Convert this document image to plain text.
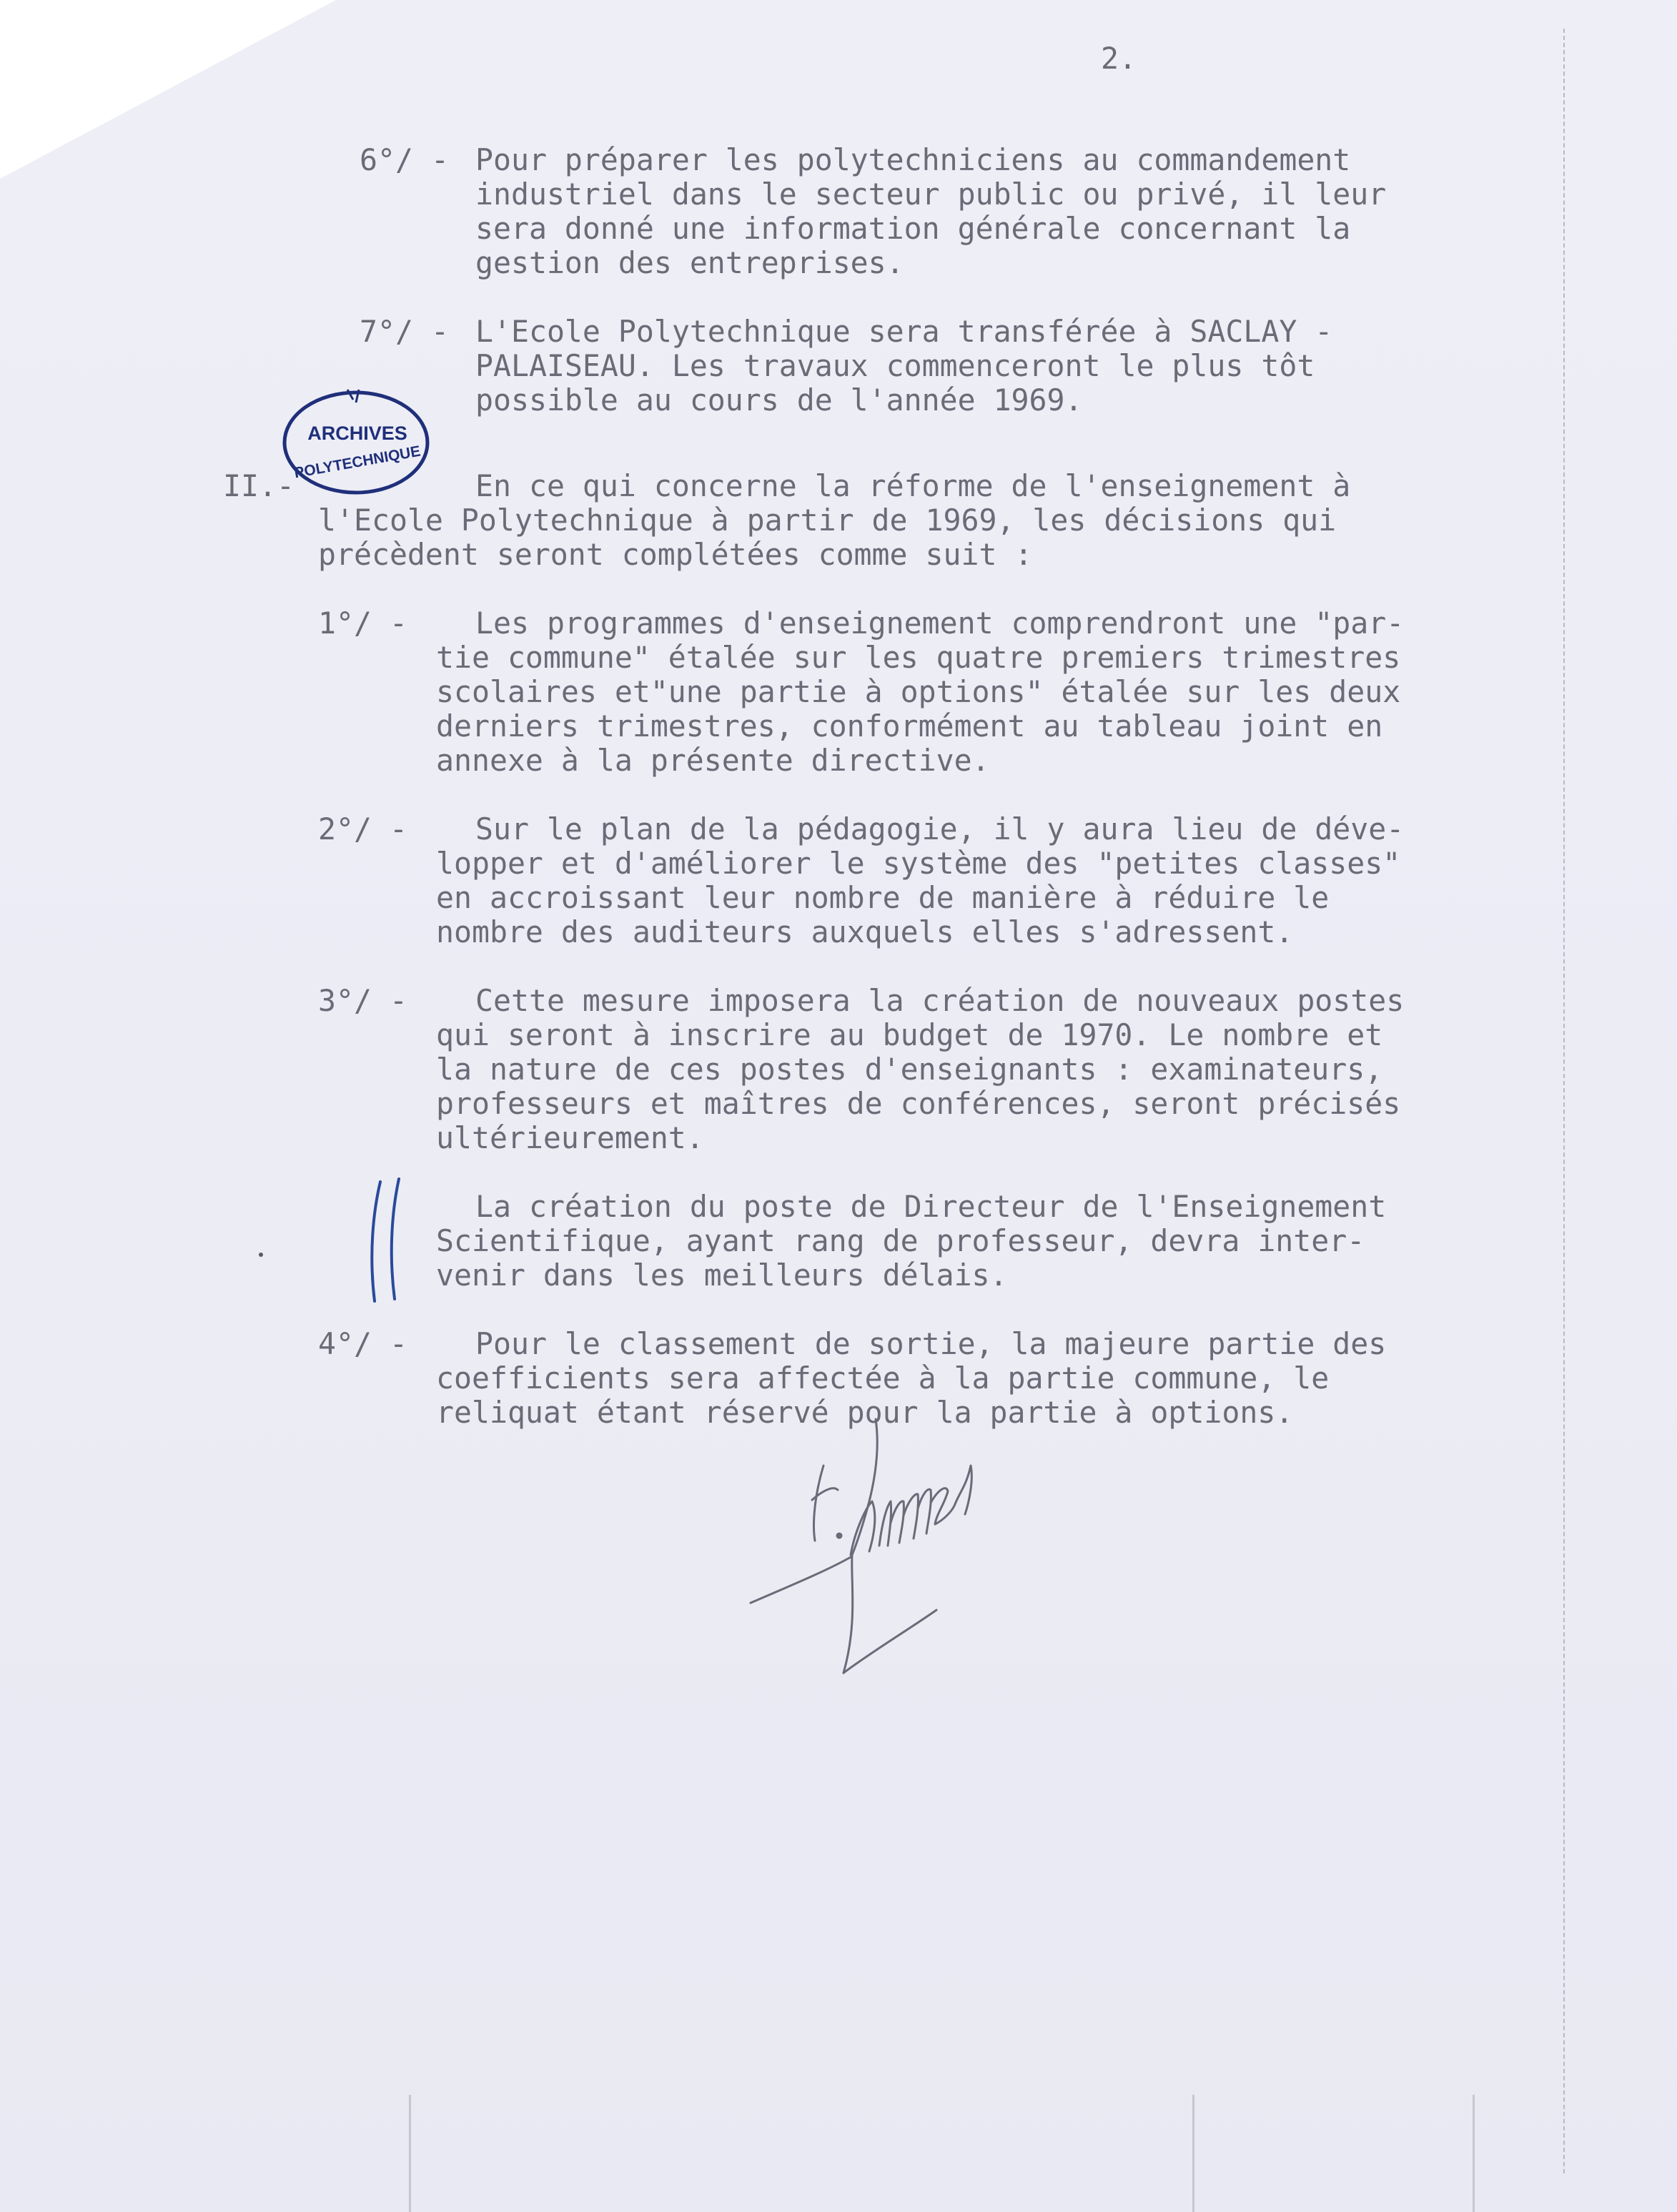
2.
6°/ - Pour préparer les polytechniciens au commandement
industriel dans le secteur public ou privé, il leur
sera donné une information générale concernant la
gestion des entreprises.
7°/ - L'Ecole Polytechnique sera transférée à SACLAY -
PALAISEAU. Les travaux commenceront le plus tôt
possible au cours de l'année 1969.
ARCHIVES
POLYTECHNIQUE
II.-	En ce qui concerne la réforme de l'enseignement à
l'Ecole Polytechnique à partir de 1969, les décisions qui
précèdent seront complétées comme suit :
1°/ - Les programmes d'enseignement comprendront une "par-
tie commune" étalée sur les quatre premiers trimestres
scolaires et"une partie à options" étalée sur les deux
derniers trimestres, conformément au tableau joint en
annexe à la présente directive.
2°/ - Sur le plan de la pédagogie, il y aura lieu de déve-
lopper et d'améliorer le système des "petites classes"
en accroissant leur nombre de manière à réduire le
nombre des auditeurs auxquels elles s'adressent.
3°/ - Cette mesure imposera la création de nouveaux postes
qui seront à inscrire au budget de 1970. Le nombre et
la nature de ces postes d'enseignants : examinateurs,
professeurs et maîtres de conférences, seront précisés
ultérieurement.
La création du poste de Directeur de l'Enseignement
Scientifique, ayant rang de professeur, devra inter-
venir dans les meilleurs délais.
4°/ - Pour le classement de sortie, la majeure partie des
coefficients sera affectée à la partie commune, le
reliquat étant réservé pour la partie à options.
